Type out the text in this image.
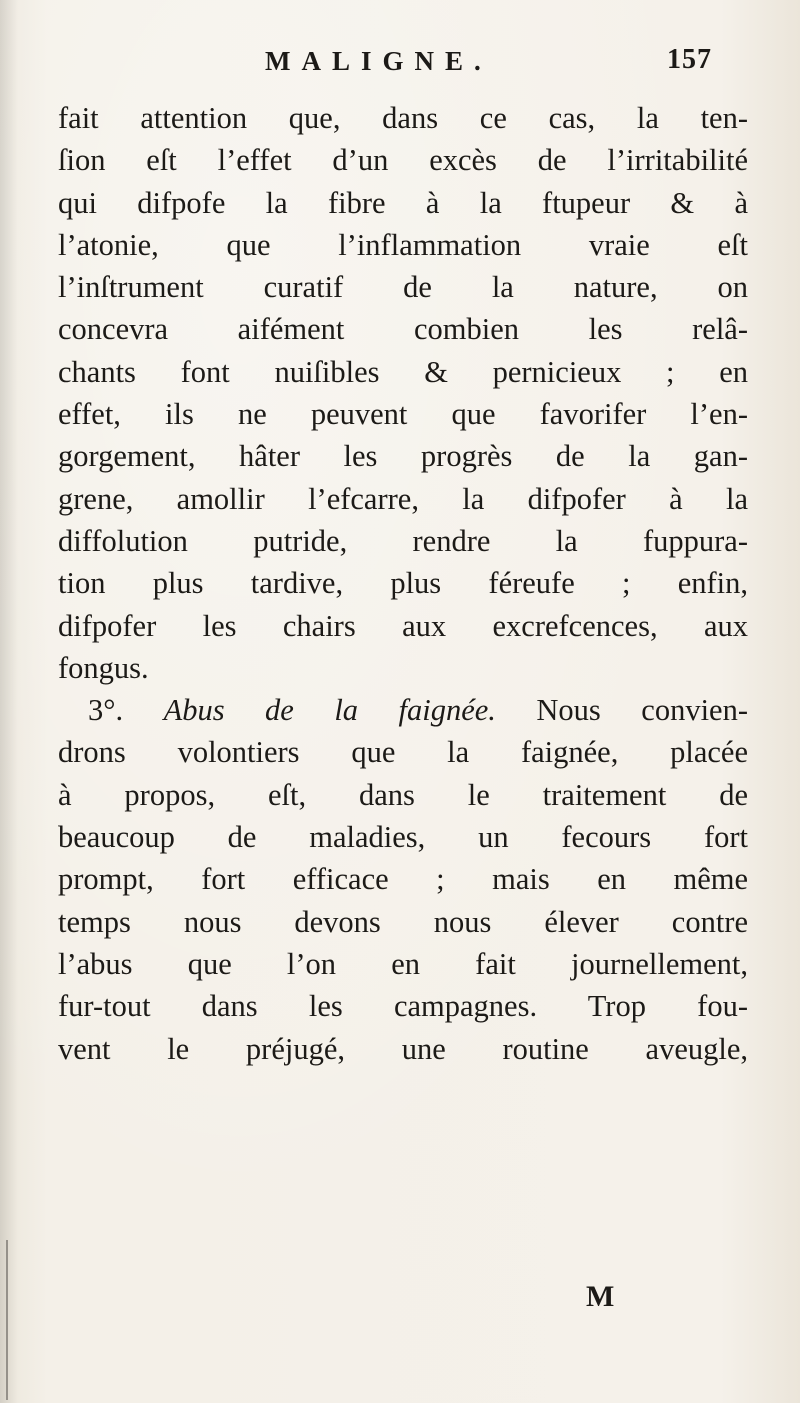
MALIGNE.	157
fait attention que, dans ce cas, la ten-
ſion eſt l’effet d’un excès de l’irritabilité
qui difpofe la fibre à la ftupeur & à
l’atonie, que l’inflammation vraie eſt
l’inſtrument curatif de la nature, on
concevra aifément combien les relâ-
chants font nuiſibles & pernicieux ; en
effet, ils ne peuvent que favorifer l’en-
gorgement, hâter les progrès de la gan-
grene, amollir l’efcarre, la difpofer à la
diffolution putride, rendre la fuppura-
tion plus tardive, plus féreufe ; enfin,
difpofer les chairs aux excrefcences, aux
fongus.
3°. Abus de la faignée. Nous convien-
drons volontiers que la faignée, placée
à propos, eſt, dans le traitement de
beaucoup de maladies, un fecours fort
prompt, fort efficace ; mais en même
temps nous devons nous élever contre
l’abus que l’on en fait journellement,
fur-tout dans les campagnes. Trop fou-
vent le préjugé, une routine aveugle,
M
